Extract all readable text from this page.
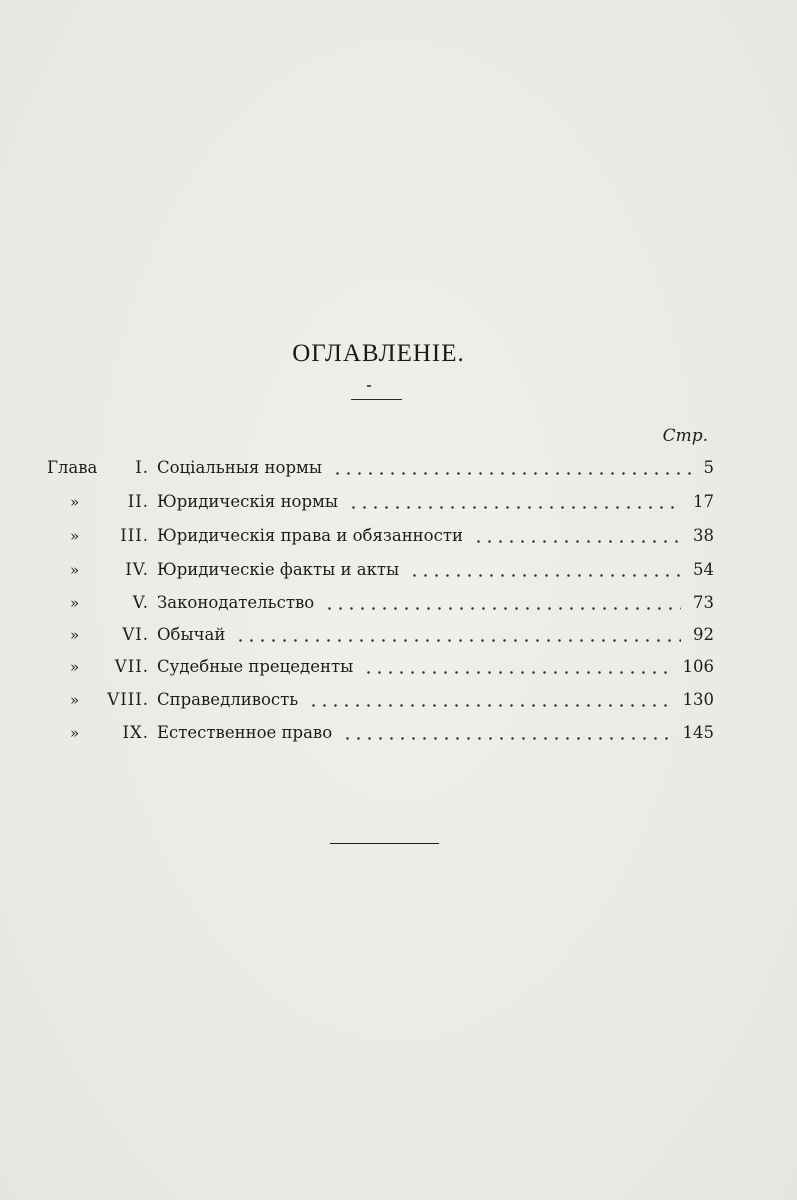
ОГЛАВЛЕНІЕ.
Стр.
Глава	I. Соціальныя нормы	5
»	II. Юридическія нормы	17
»	III. Юридическія права и обязанности	38
»	IV. Юридическіе факты и акты	54
»	V. Законодательство	73
»	VI. Обычай	92
»	VII. Судебные прецеденты	106
»	VIII. Справедливость	130
»	IX. Естественное право	145
